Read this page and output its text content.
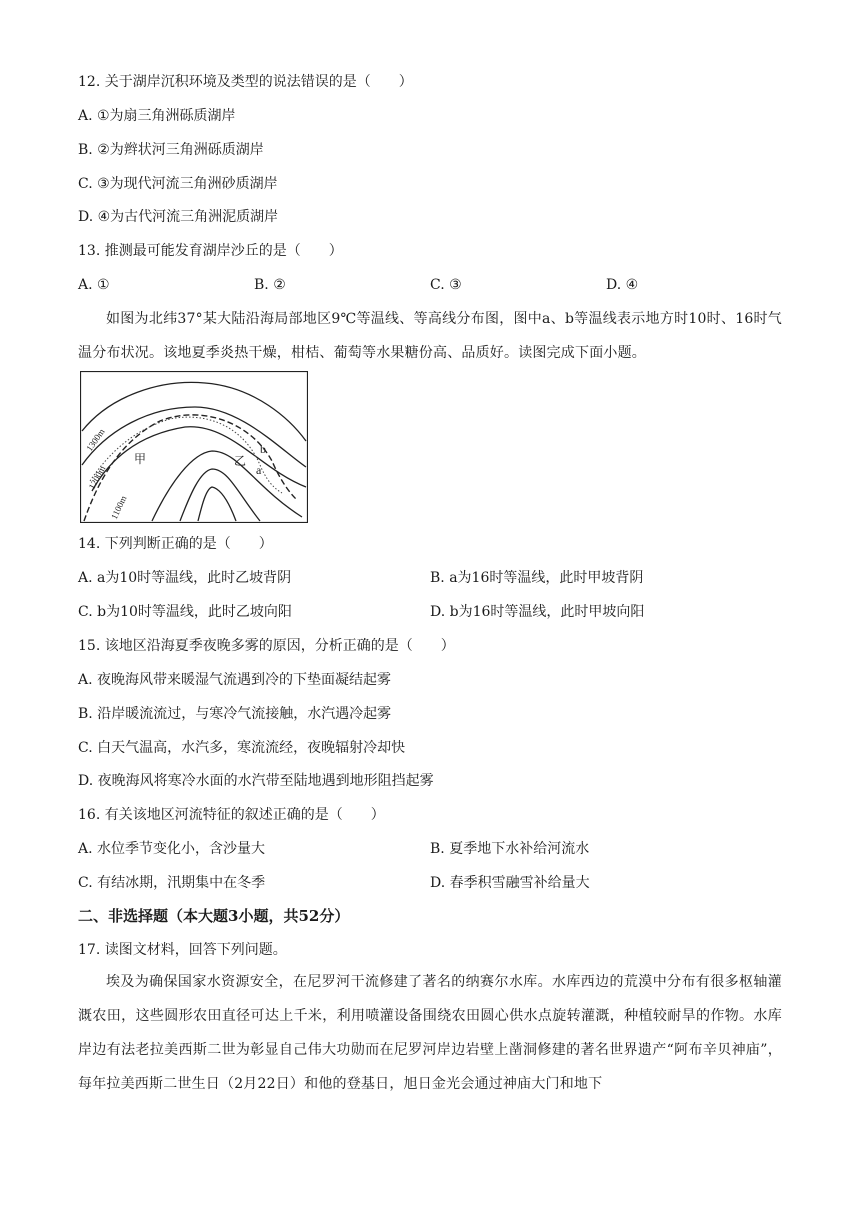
12. 关于湖岸沉积环境及类型的说法错误的是（　　）
A. ①为扇三角洲砾质湖岸
B. ②为辫状河三角洲砾质湖岸
C. ③为现代河流三角洲砂质湖岸
D. ④为古代河流三角洲泥质湖岸
13. 推测最可能发育湖岸沙丘的是（　　）
A. ①	B. ②	C. ③	D. ④
如图为北纬37°某大陆沿海局部地区9℃等温线、等高线分布图，图中a、b等温线表示地方时10时、16时气温分布状况。该地夏季炎热干燥，柑桔、葡萄等水果糖份高、品质好。读图完成下面小题。
1300m
1200m
1100m
甲	乙
a
b
14. 下列判断正确的是（　　）
A. a为10时等温线，此时乙坡背阴	B. a为16时等温线，此时甲坡背阴
C. b为10时等温线，此时乙坡向阳	D. b为16时等温线，此时甲坡向阳
15. 该地区沿海夏季夜晚多雾的原因，分析正确的是（　　）
A. 夜晚海风带来暖湿气流遇到冷的下垫面凝结起雾
B. 沿岸暖流流过，与寒冷气流接触，水汽遇冷起雾
C. 白天气温高，水汽多，寒流流经，夜晚辐射冷却快
D. 夜晚海风将寒冷水面的水汽带至陆地遇到地形阻挡起雾
16. 有关该地区河流特征的叙述正确的是（　　）
A. 水位季节变化小，含沙量大	B. 夏季地下水补给河流水
C. 有结冰期，汛期集中在冬季	D. 春季积雪融雪补给量大
二、非选择题（本大题3小题，共52分）
17. 读图文材料，回答下列问题。
埃及为确保国家水资源安全，在尼罗河干流修建了著名的纳赛尔水库。水库西边的荒漠中分布有很多枢轴灌溉农田，这些圆形农田直径可达上千米，利用喷灌设备围绕农田圆心供水点旋转灌溉，种植较耐旱的作物。水库岸边有法老拉美西斯二世为彰显自己伟大功勋而在尼罗河岸边岩壁上凿洞修建的著名世界遗产“阿布辛贝神庙”，每年拉美西斯二世生日（2月22日）和他的登基日，旭日金光会通过神庙大门和地下
